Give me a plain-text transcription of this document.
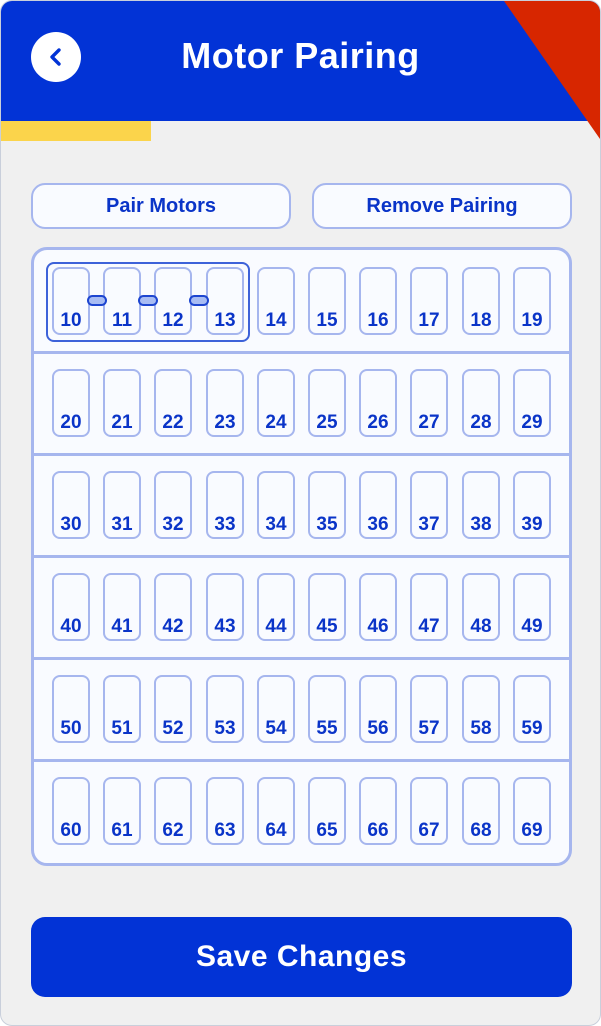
Motor Pairing
Pair Motors	Remove Pairing
10	11	12	13	14	15	16	17	18	19
20	21	22	23	24	25	26	27	28	29
30	31	32	33	34	35	36	37	38	39
40	41	42	43	44	45	46	47	48	49
50	51	52	53	54	55	56	57	58	59
60	61	62	63	64	65	66	67	68	69
Save Changes
